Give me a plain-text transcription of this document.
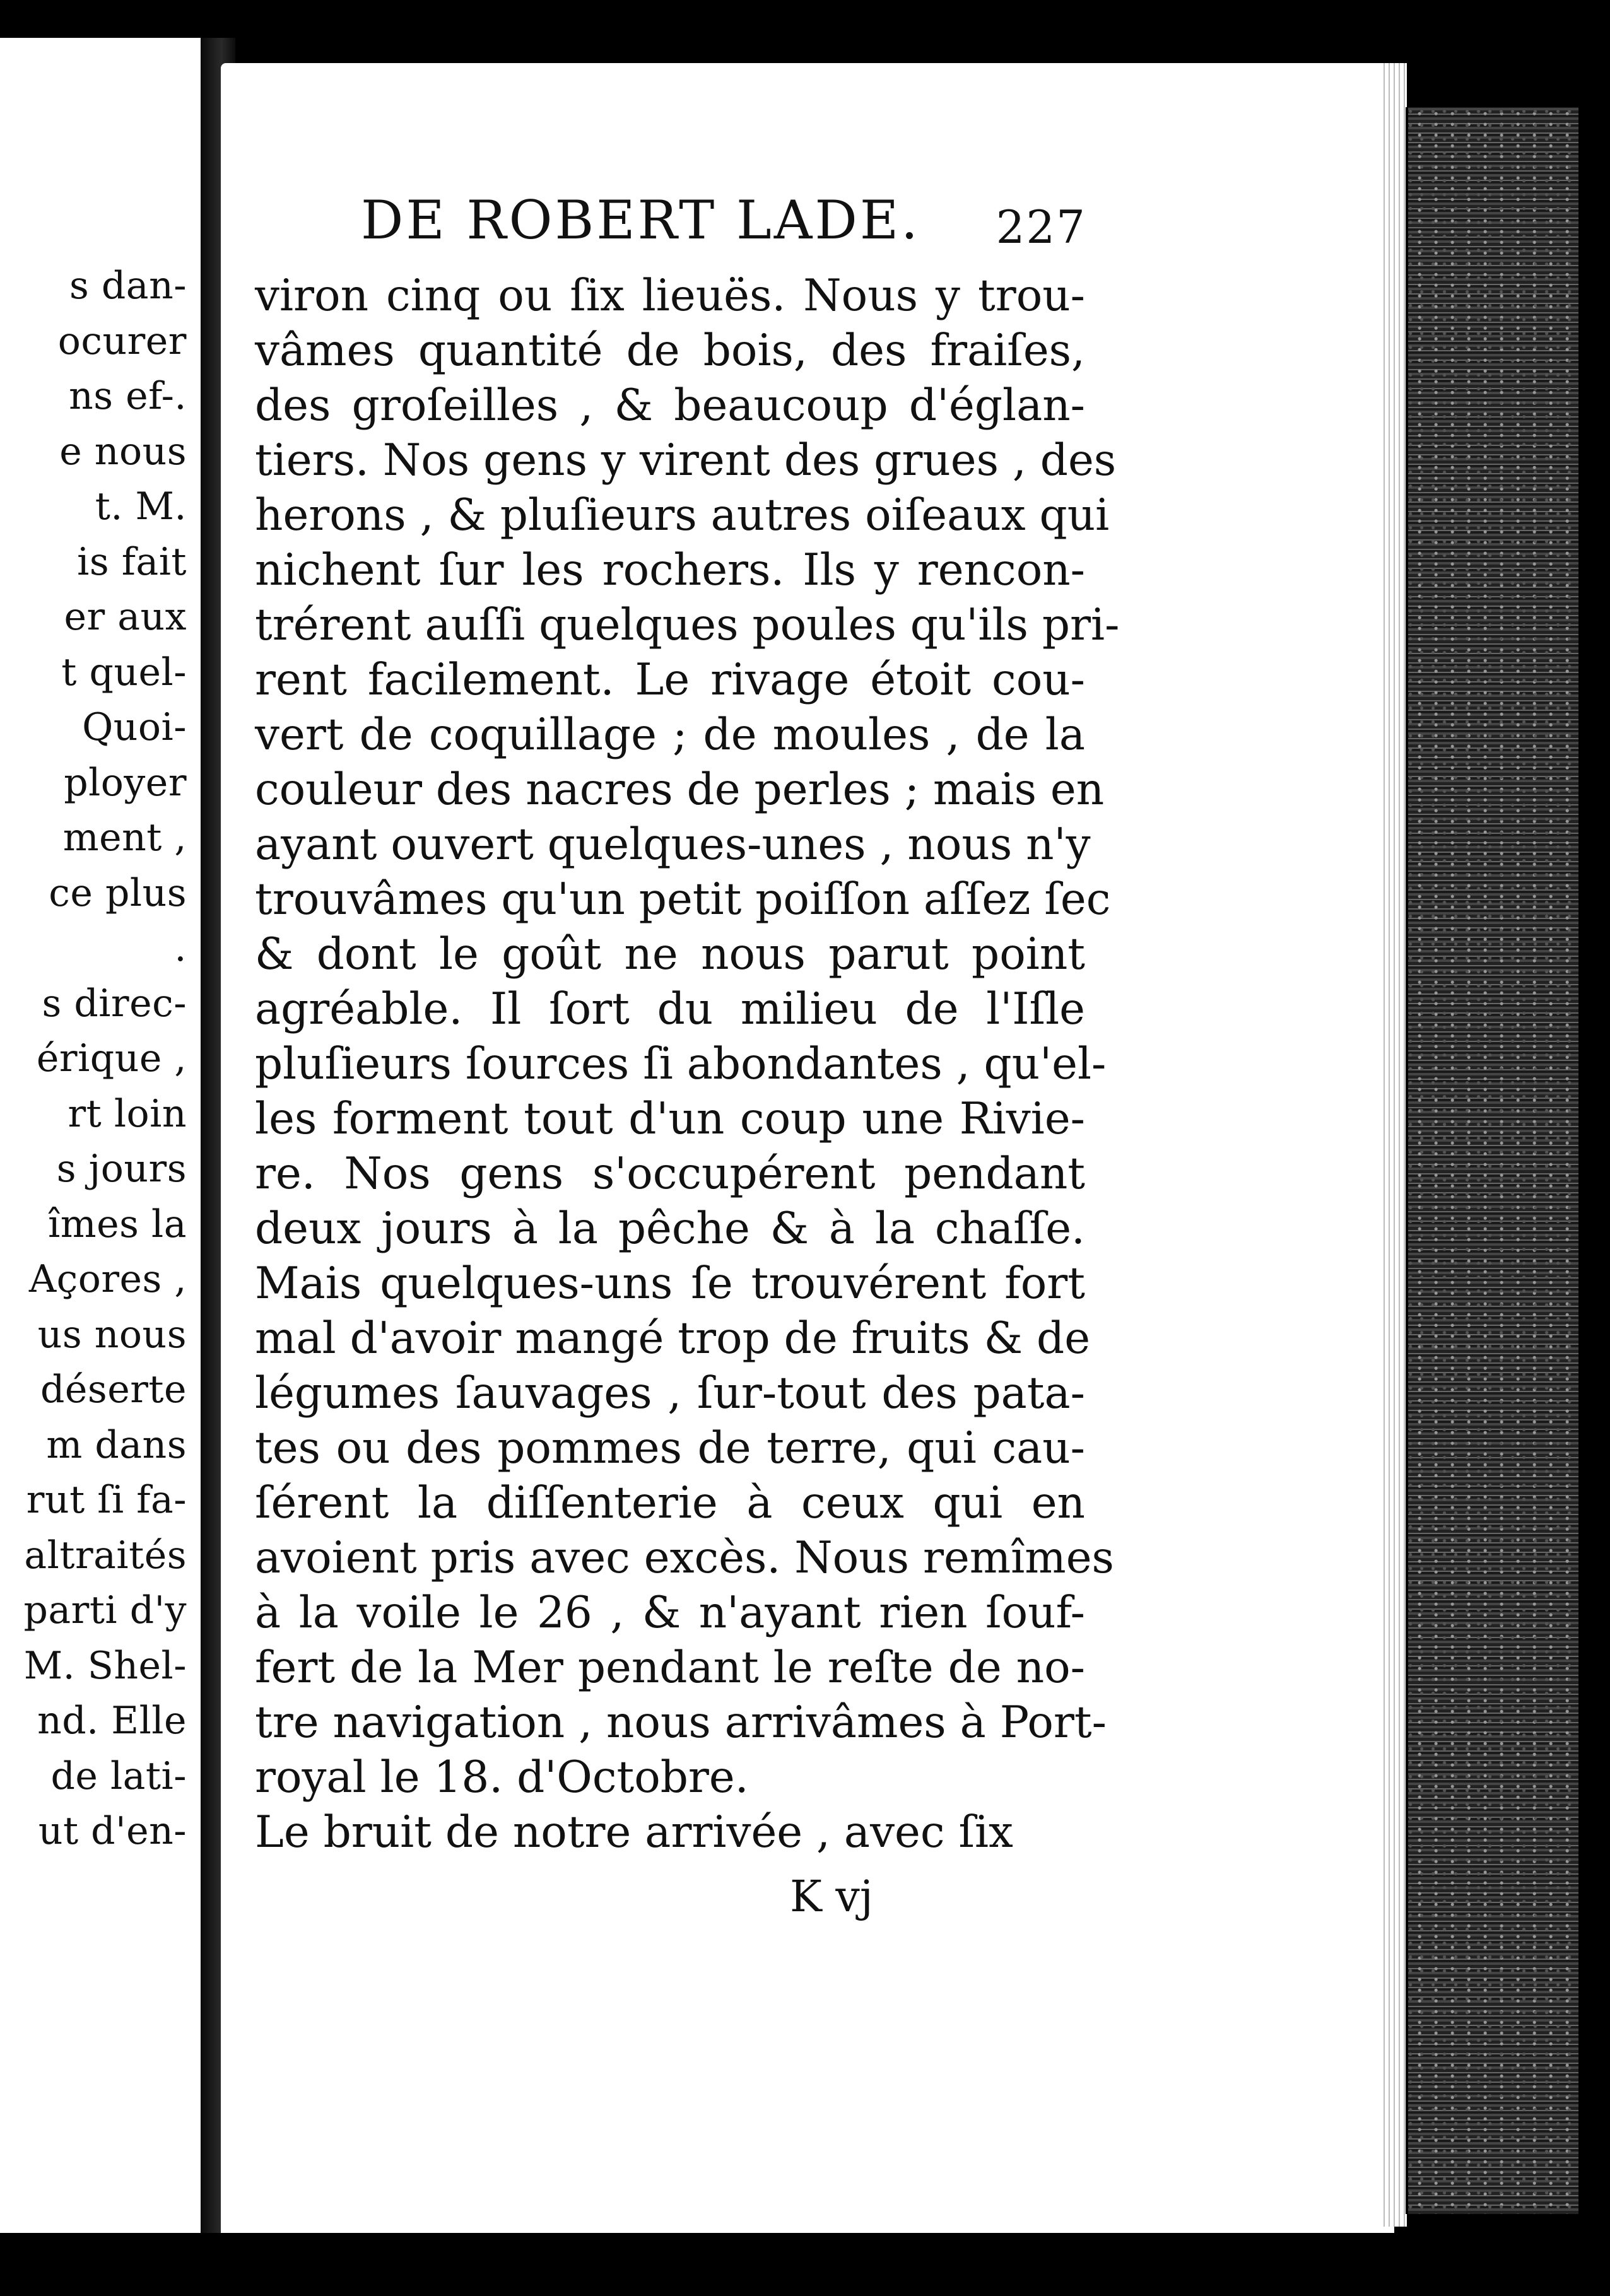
s dan-
ocurer
ns ef-.
e nous
t. M.
is fait
er aux
t quel-
Quoi-
ployer
ment ,
ce plus
.
s direc-
érique ,
rt loin
s jours
îmes la
Açores ,
us nous
déserte
m dans
rut ſi fa-
altraités
parti d'y
M. Shel-
nd. Elle
de lati-
ut d'en-
DE ROBERT LADE. 227
viron cinq ou ſix lieuës. Nous y trou-
vâmes quantité de bois, des fraiſes,
des groſeilles , & beaucoup d'églan-
tiers. Nos gens y virent des grues , des
herons , & pluſieurs autres oiſeaux qui
nichent ſur les rochers. Ils y rencon-
trérent auſſi quelques poules qu'ils pri-
rent facilement. Le rivage étoit cou-
vert de coquillage ; de moules , de la
couleur des nacres de perles ; mais en
ayant ouvert quelques-unes , nous n'y
trouvâmes qu'un petit poiſſon aſſez ſec
& dont le goût ne nous parut point
agréable. Il ſort du milieu de l'Iſle
pluſieurs ſources ſi abondantes , qu'el-
les forment tout d'un coup une Rivie-
re. Nos gens s'occupérent pendant
deux jours à la pêche & à la chaſſe.
Mais quelques-uns ſe trouvérent fort
mal d'avoir mangé trop de fruits & de
légumes ſauvages , ſur-tout des pata-
tes ou des pommes de terre, qui cau-
ſérent la diſſenterie à ceux qui en
avoient pris avec excès. Nous remîmes
à la voile le 26 , & n'ayant rien ſouf-
fert de la Mer pendant le reſte de no-
tre navigation , nous arrivâmes à Port-
royal le 18. d'Octobre.
Le bruit de notre arrivée , avec ſix
K vj
